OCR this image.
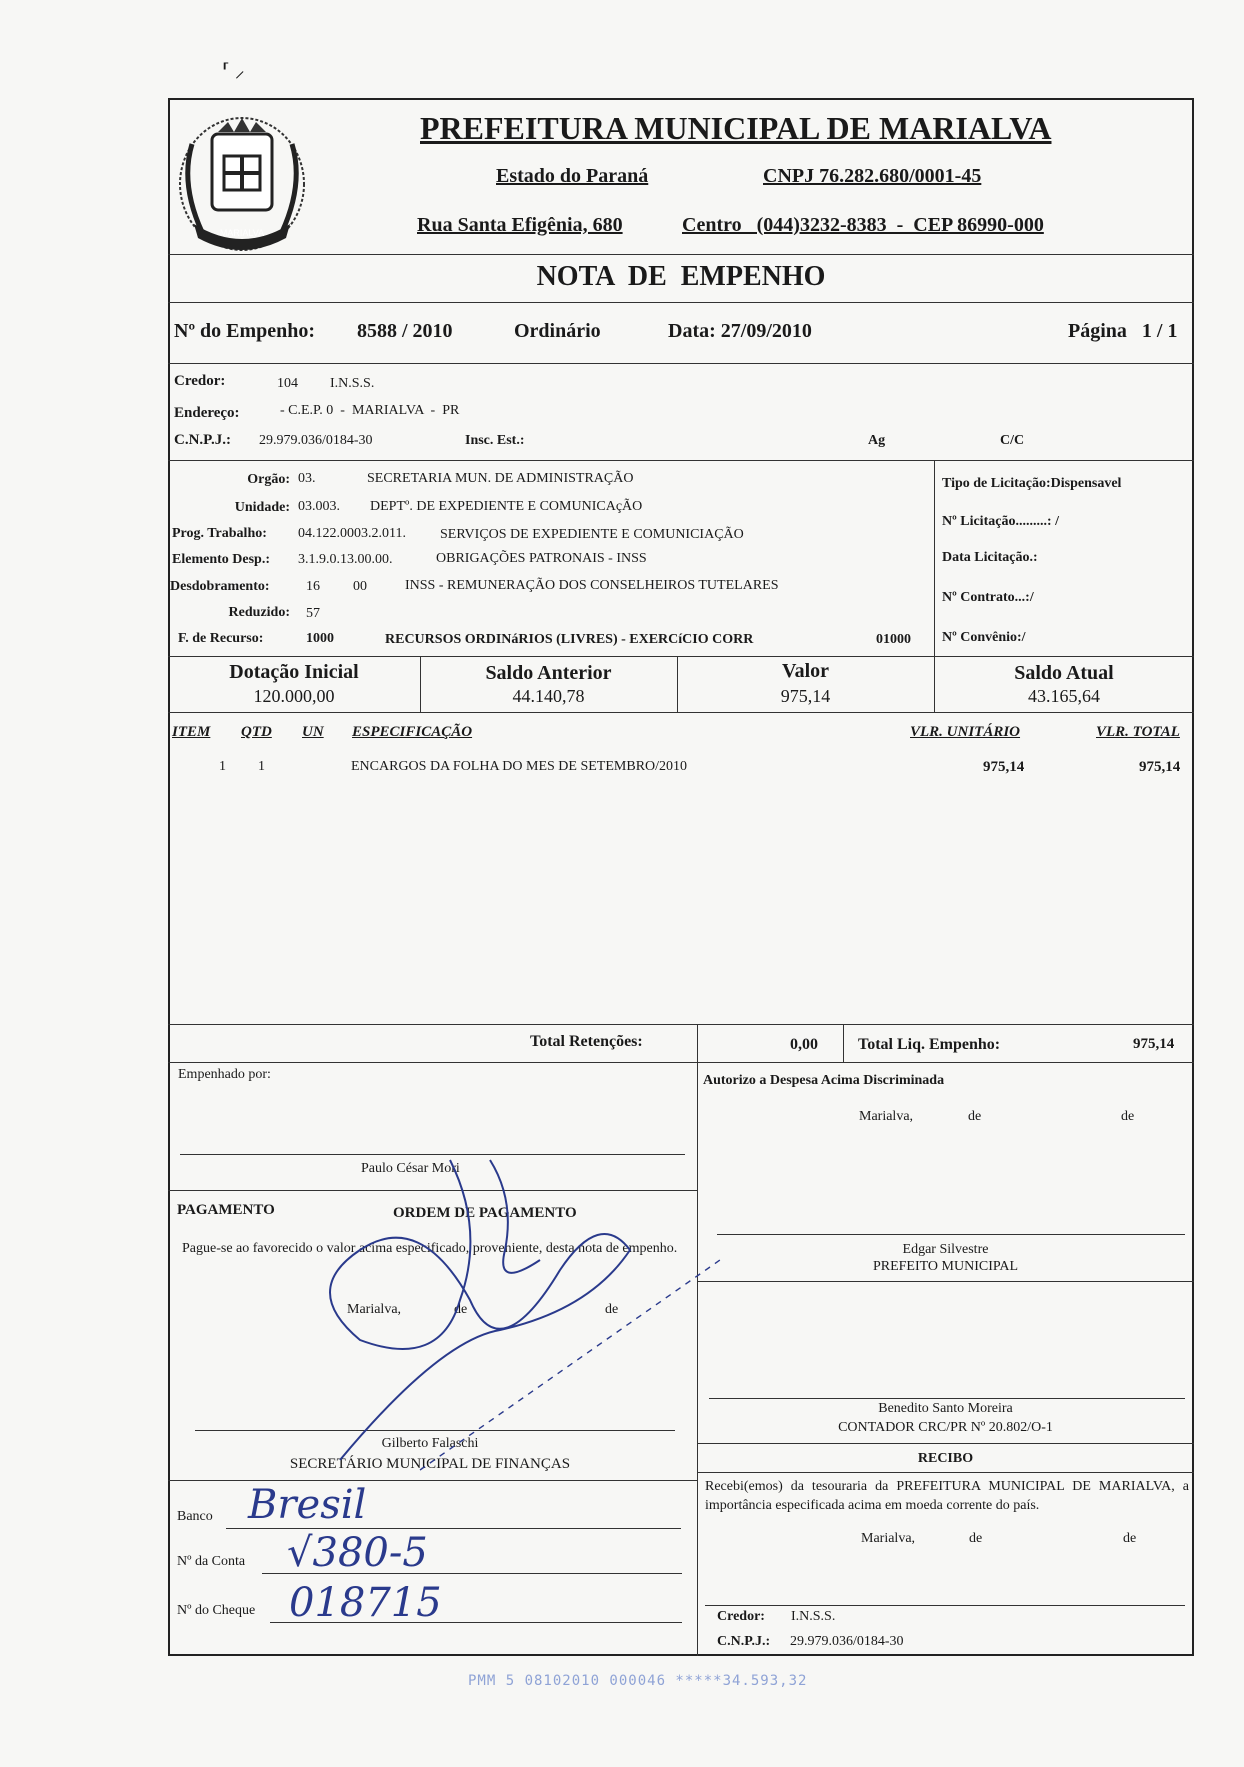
⸢ ⸝
MARIALVA
PREFEITURA MUNICIPAL DE MARIALVA
Estado do Paraná	CNPJ 76.282.680/0001-45
Rua Santa Efigênia, 680	Centro   (044)3232-8383  -  CEP 86990-000
NOTA  DE  EMPENHO
Nº do Empenho: 8588 / 2010	Ordinário	Data: 27/09/2010	Página   1 / 1
Credor:	104 I.N.S.S.
Endereço:	- C.E.P. 0  -  MARIALVA  -  PR
C.N.P.J.: 29.979.036/0184-30	Insc. Est.:	Ag	C/C
Orgão: 03.	SECRETARIA MUN. DE ADMINISTRAÇÃO
Unidade: 03.003. DEPTº. DE EXPEDIENTE E COMUNICAçÃO
Prog. Trabalho: 04.122.0003.2.011. SERVIÇOS DE EXPEDIENTE E COMUNICIAÇÃO
Elemento Desp.: 3.1.9.0.13.00.00.	OBRIGAÇÕES PATRONAIS - INSS
Desdobramento:	16 00	INSS - REMUNERAÇÃO DOS CONSELHEIROS TUTELARES
Reduzido: 57
F. de Recurso:	1000	RECURSOS ORDINáRIOS (LIVRES) - EXERCíCIO CORR	01000
Tipo de Licitação:Dispensavel
Nº Licitação.........: /
Data Licitação.:
Nº Contrato...:/
Nº Convênio:/
Dotação Inicial
120.000,00
Saldo Anterior
44.140,78
Valor
975,14
Saldo Atual
43.165,64
ITEM QTD UN ESPECIFICAÇÃO	VLR. UNITÁRIO	VLR. TOTAL
1 1	ENCARGOS DA FOLHA DO MES DE SETEMBRO/2010	975,14	975,14
Total Retenções:	0,00	Total Liq. Empenho:	975,14
Empenhado por:
Paulo César Mori
PAGAMENTO	ORDEM DE PAGAMENTO
Pague-se ao favorecido o valor acima especificado, proveniente, desta nota de empenho.
Marialva,	de	de
Gilberto Falaschi
SECRETÁRIO MUNICIPAL DE FINANÇAS
Banco Bresil
Nº da Conta √380-5
Nº do Cheque 018715
Autorizo a Despesa Acima Discriminada
Marialva,	de	de
Edgar Silvestre
PREFEITO MUNICIPAL
Benedito Santo Moreira
CONTADOR CRC/PR Nº 20.802/O-1
RECIBO
Recebi(emos) da tesouraria da PREFEITURA MUNICIPAL DE MARIALVA, a importância especificada acima em moeda corrente do país.
Marialva,	de	de
Credor: I.N.S.S.
C.N.P.J.: 29.979.036/0184-30
PMM 5 08102010 000046 *****34.593,32
